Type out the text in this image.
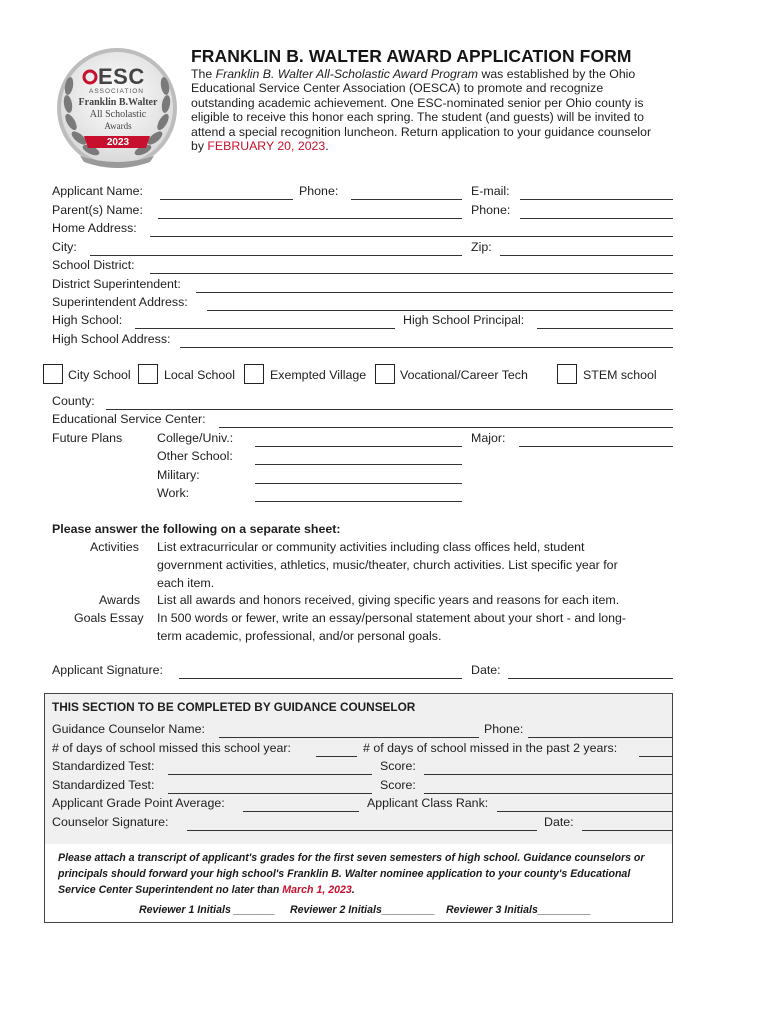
ESC
ASSOCIATION
Franklin B.Walter
All Scholastic
Awards
2023
FRANKLIN B. WALTER AWARD APPLICATION FORM
The Franklin B. Walter All-Scholastic Award Program was established by the Ohio Educational Service Center Association (OESCA) to promote and recognize outstanding academic achievement. One ESC-nominated senior per Ohio county is eligible to receive this honor each spring. The student (and guests) will be invited to attend a special recognition luncheon. Return application to your guidance counselor by FEBRUARY 20, 2023.
Applicant Name:	Phone:	E-mail:
Parent(s) Name:	Phone:
Home Address:
City:	Zip:
School District:
District Superintendent:
Superintendent Address:
High School:	High School Principal:
High School Address:
City School	Local School	Exempted Village	Vocational/Career Tech	STEM school
County:
Educational Service Center:
Future Plans	College/Univ.:	Major:
Other School:
Military:
Work:
Please answer the following on a separate sheet:
Activities List extracurricular or community activities including class offices held, student
government activities, athletics, music/theater, church activities. List specific year for
each item.
Awards List all awards and honors received, giving specific years and reasons for each item.
Goals Essay In 500 words or fewer, write an essay/personal statement about your short - and long-
term academic, professional, and/or personal goals.
Applicant Signature:	Date:
THIS SECTION TO BE COMPLETED BY GUIDANCE COUNSELOR
Guidance Counselor Name:	Phone:
# of days of school missed this school year:	# of days of school missed in the past 2 years:
Standardized Test:	Score:
Standardized Test:	Score:
Applicant Grade Point Average:	Applicant Class Rank:
Counselor Signature:	Date:
Please attach a transcript of applicant's grades for the first seven semesters of high school. Guidance counselors or principals should forward your high school's Franklin B. Walter nominee application to your county's Educational Service Center Superintendent no later than March 1, 2023.
Reviewer 1 Initials _______ Reviewer 2 Initials_________ Reviewer 3 Initials_________
